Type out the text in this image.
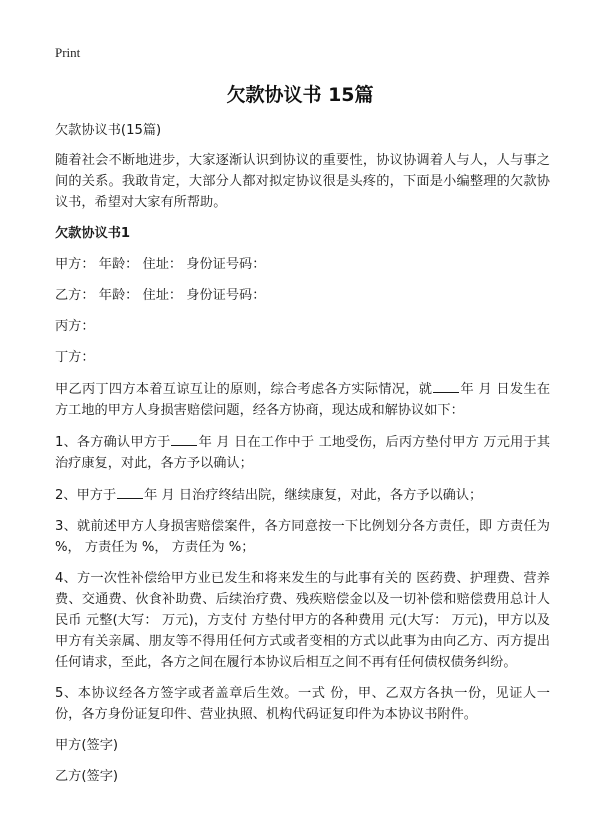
Print
欠款协议书 15篇

欠款协议书(15篇)

随着社会不断地进步，大家逐渐认识到协议的重要性，协议协调着人与人，人与事之间的关系。我敢肯定，大部分人都对拟定协议很是头疼的，下面是小编整理的欠款协议书，希望对大家有所帮助。

欠款协议书1

甲方： 年龄： 住址： 身份证号码：

乙方： 年龄： 住址： 身份证号码：

丙方：

丁方：

甲乙丙丁四方本着互谅互让的原则，综合考虑各方实际情况，就 年 月 日发生在 方工地的甲方人身损害赔偿问题，经各方协商，现达成和解协议如下：

1、各方确认甲方于 年 月 日在工作中于 工地受伤，后丙方垫付甲方 万元用于其治疗康复，对此，各方予以确认；

2、甲方于 年 月 日治疗终结出院，继续康复，对此，各方予以确认；

3、就前述甲方人身损害赔偿案件，各方同意按一下比例划分各方责任，即 方责任为 %， 方责任为 %， 方责任为 %；

4、方一次性补偿给甲方业已发生和将来发生的与此事有关的 医药费、护理费、营养费、交通费、伙食补助费、后续治疗费、残疾赔偿金以及一切补偿和赔偿费用总计人民币 元整(大写： 万元)，方支付 方垫付甲方的各种费用 元(大写： 万元)，甲方以及甲方有关亲属、朋友等不得用任何方式或者变相的方式以此事为由向乙方、丙方提出任何请求，至此，各方之间在履行本协议后相互之间不再有任何债权债务纠纷。

5、本协议经各方签字或者盖章后生效。一式 份，甲、乙双方各执一份，见证人一份，各方身份证复印件、营业执照、机构代码证复印件为本协议书附件。

甲方(签字)

乙方(签字)
